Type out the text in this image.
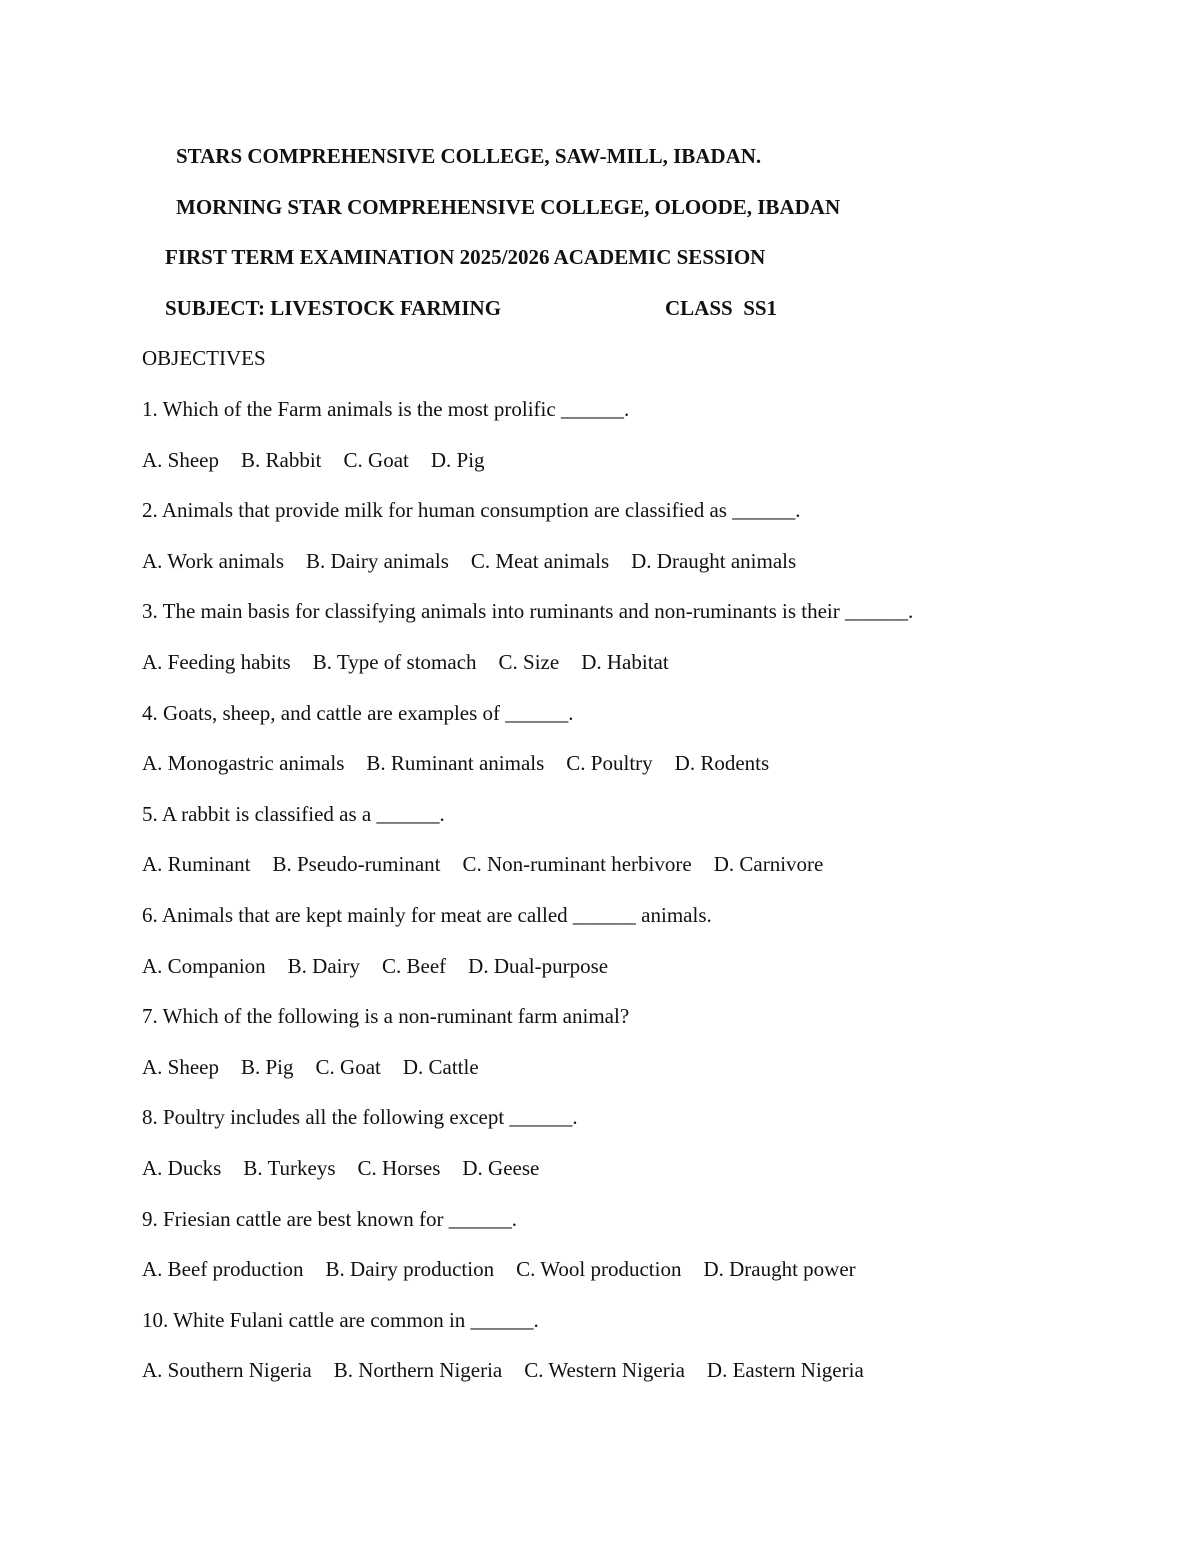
STARS COMPREHENSIVE COLLEGE, SAW-MILL, IBADAN.
MORNING STAR COMPREHENSIVE COLLEGE, OLOODE, IBADAN
FIRST TERM EXAMINATION 2025/2026 ACADEMIC SESSION
SUBJECT: LIVESTOCK FARMING	CLASS  SS1
OBJECTIVES
1. Which of the Farm animals is the most prolific ______.
A. Sheep B. Rabbit C. Goat D. Pig
2. Animals that provide milk for human consumption are classified as ______.
A. Work animals B. Dairy animals C. Meat animals D. Draught animals
3. The main basis for classifying animals into ruminants and non-ruminants is their ______.
A. Feeding habits B. Type of stomach C. Size D. Habitat
4. Goats, sheep, and cattle are examples of ______.
A. Monogastric animals B. Ruminant animals C. Poultry D. Rodents
5. A rabbit is classified as a ______.
A. Ruminant B. Pseudo-ruminant C. Non-ruminant herbivore D. Carnivore
6. Animals that are kept mainly for meat are called ______ animals.
A. Companion B. Dairy C. Beef D. Dual-purpose
7. Which of the following is a non-ruminant farm animal?
A. Sheep B. Pig C. Goat D. Cattle
8. Poultry includes all the following except ______.
A. Ducks B. Turkeys C. Horses D. Geese
9. Friesian cattle are best known for ______.
A. Beef production B. Dairy production C. Wool production D. Draught power
10. White Fulani cattle are common in ______.
A. Southern Nigeria B. Northern Nigeria C. Western Nigeria D. Eastern Nigeria
